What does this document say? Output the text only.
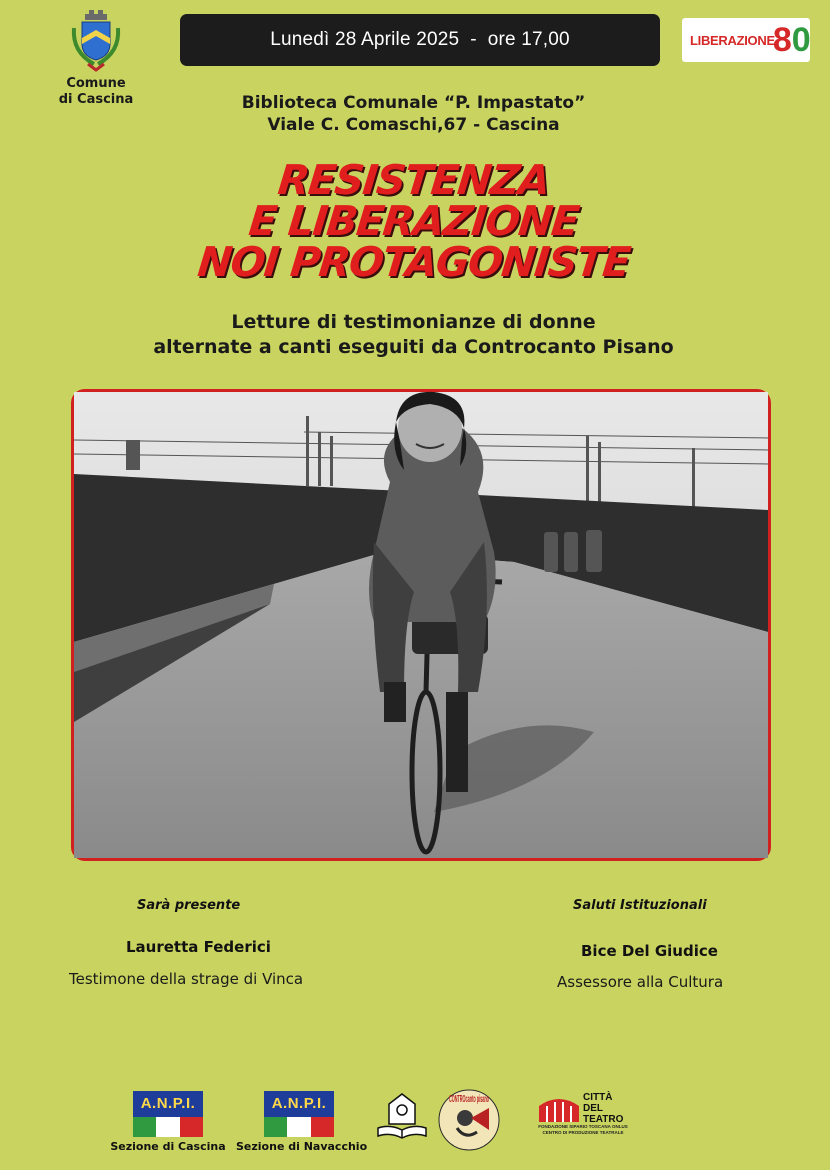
Comune
di Cascina
Lunedì 28 Aprile 2025  -  ore 17,00	LIBERAZIONE
80
Biblioteca Comunale “P. Impastato”
Viale C. Comaschi,67 - Cascina
RESISTENZA
E LIBERAZIONE
NOI PROTAGONISTE
Letture di testimonianze di donne
alternate a canti eseguiti da Controcanto Pisano
Sarà presente
Lauretta Federici
Testimone della strage di Vinca
Saluti Istituzionali
Bice Del Giudice
Assessore alla Cultura
A.N.P.I.
Sezione di Cascina
A.N.P.I.
Sezione di Navacchio
CONTROcanto pisano	CITTÀ DEL
TEATRO
FONDAZIONE SIPARIO TOSCANA ONLUS
CENTRO DI PRODUZIONE TEATRALE
